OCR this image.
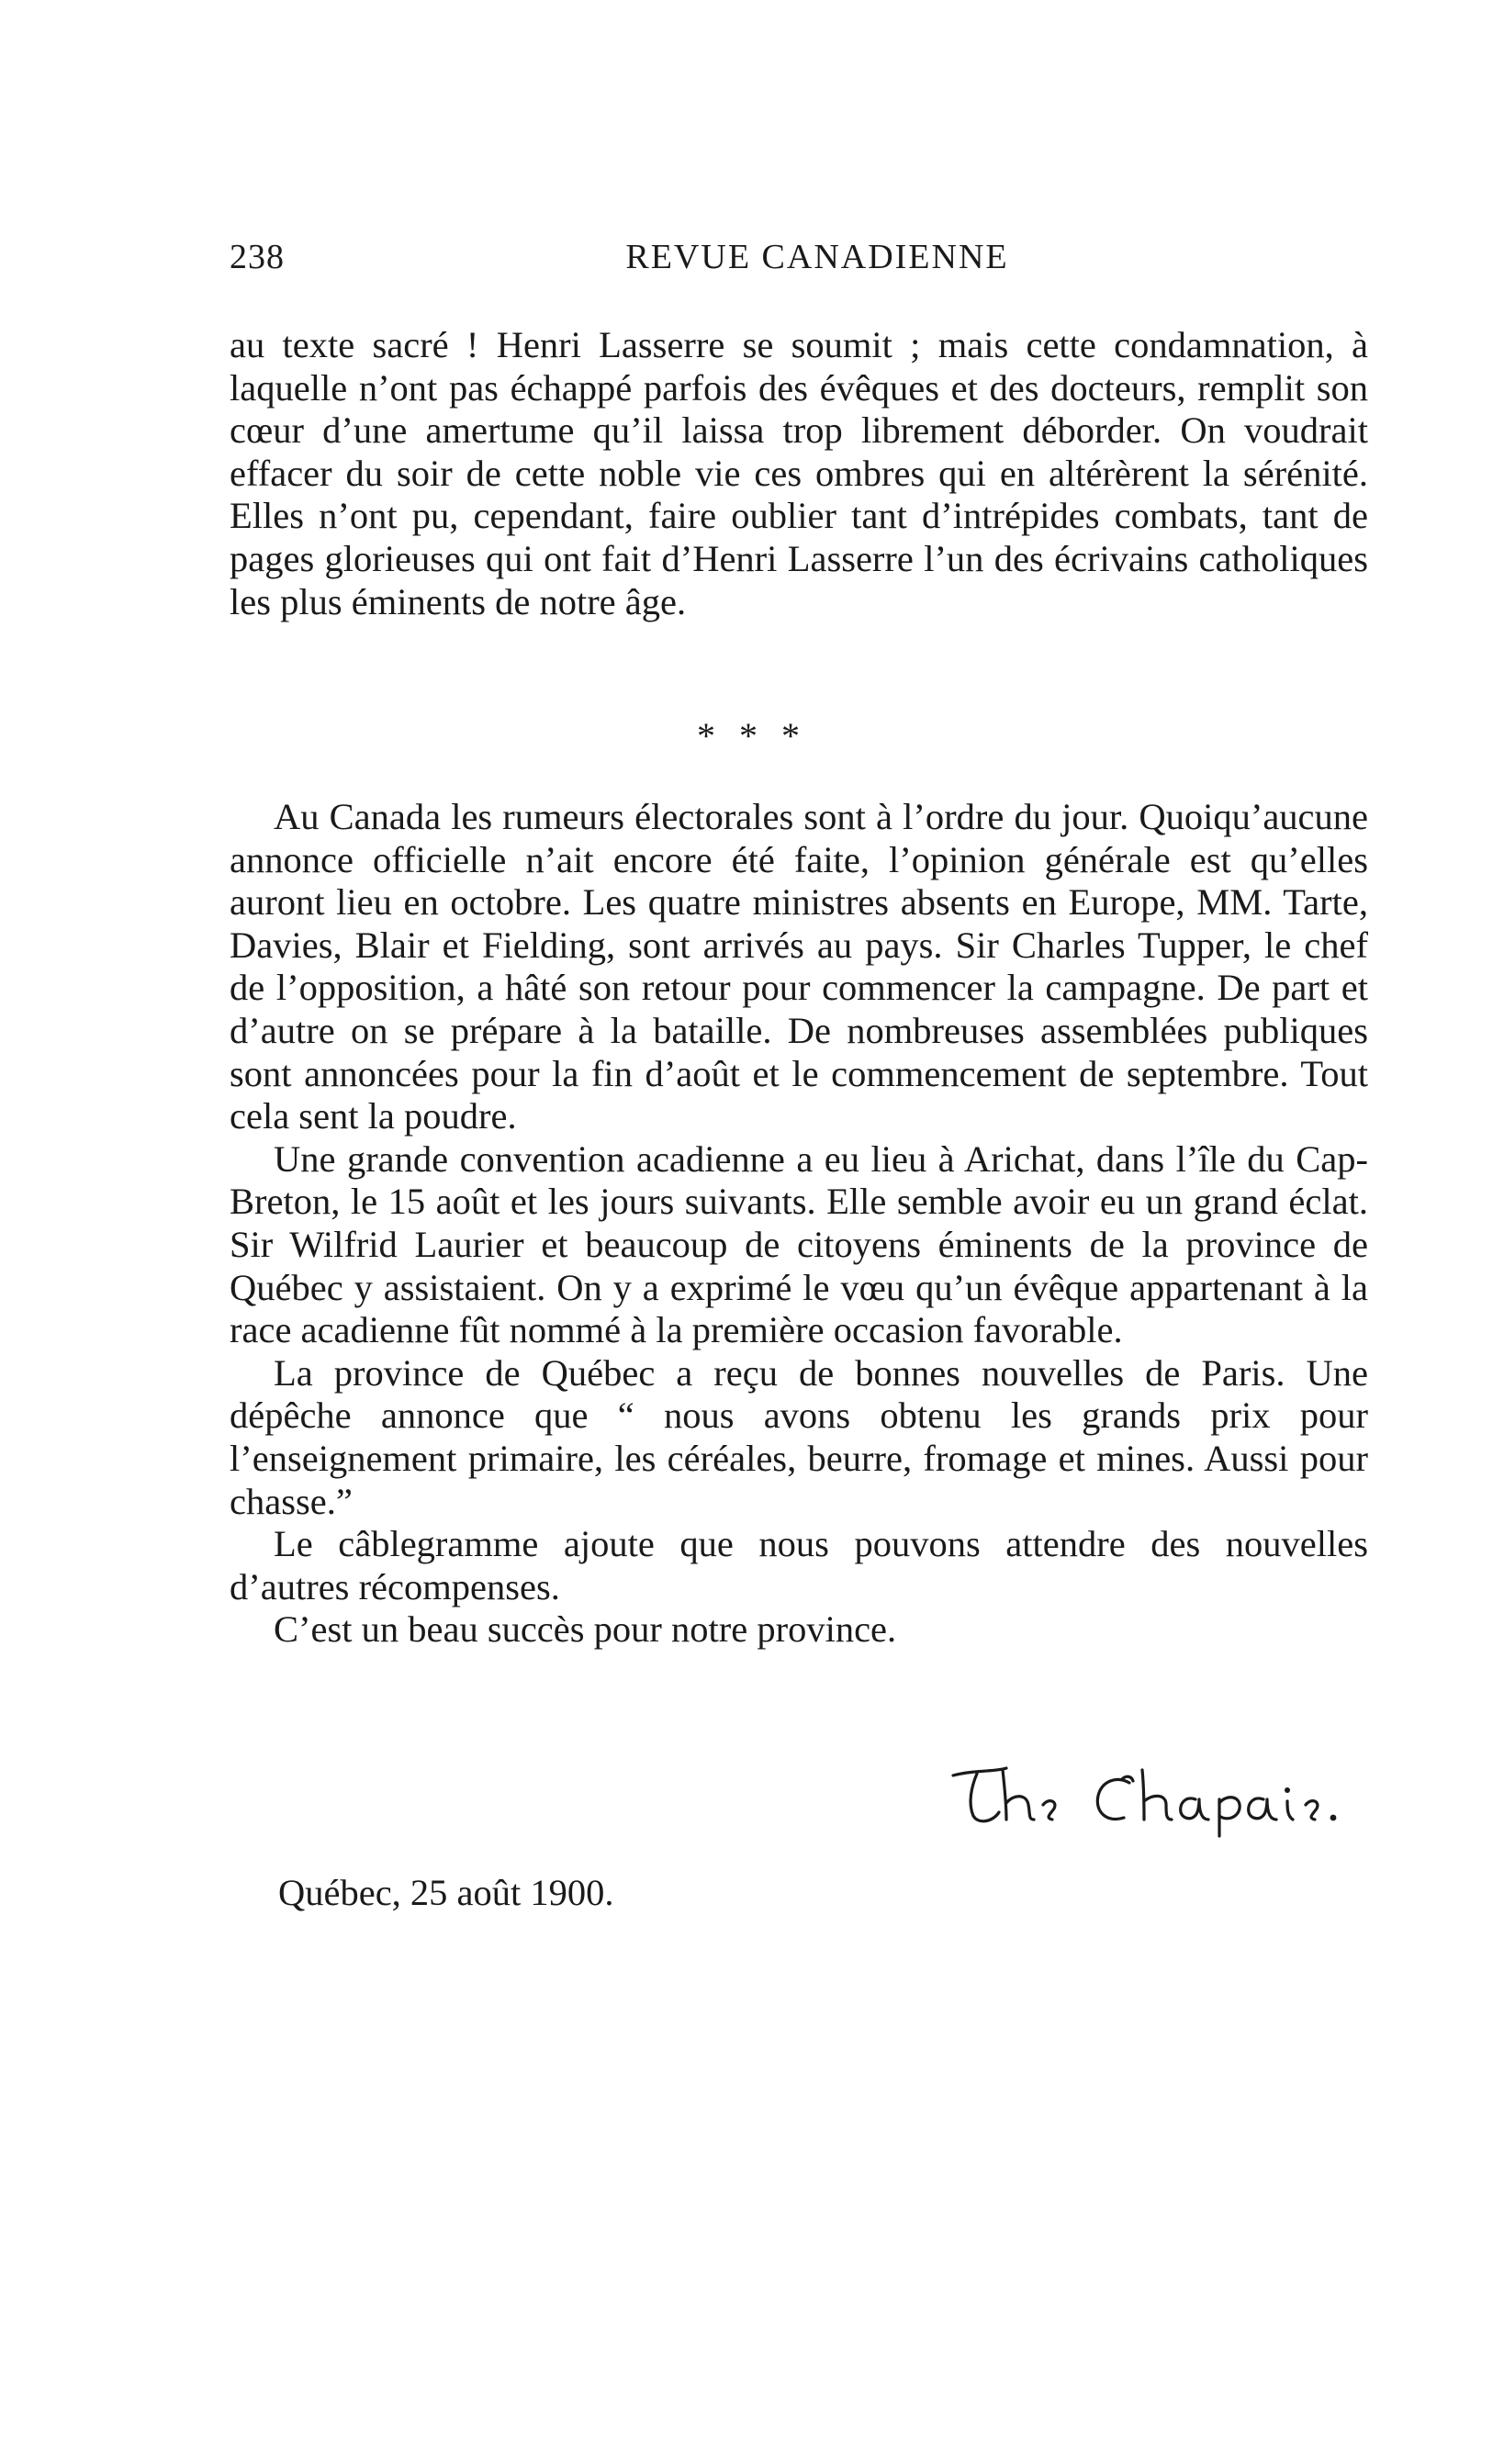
238	REVUE CANADIENNE

au texte sacré ! Henri Lasserre se soumit ; mais cette condamnation, à laquelle n’ont pas échappé parfois des évêques et des docteurs, remplit son cœur d’une amertume qu’il laissa trop librement déborder. On voudrait effacer du soir de cette noble vie ces ombres qui en altérèrent la sérénité. Elles n’ont pu, cependant, faire oublier tant d’intrépides combats, tant de pages glorieuses qui ont fait d’Henri Lasserre l’un des écrivains catholiques les plus éminents de notre âge.

* * *

Au Canada les rumeurs électorales sont à l’ordre du jour. Quoiqu’aucune annonce officielle n’ait encore été faite, l’opinion générale est qu’elles auront lieu en octobre. Les quatre ministres absents en Europe, MM. Tarte, Davies, Blair et Fielding, sont arrivés au pays. Sir Charles Tupper, le chef de l’opposition, a hâté son retour pour commencer la campagne. De part et d’autre on se prépare à la bataille. De nombreuses assemblées publiques sont annoncées pour la fin d’août et le commencement de septembre. Tout cela sent la poudre.

Une grande convention acadienne a eu lieu à Arichat, dans l’île du Cap-Breton, le 15 août et les jours suivants. Elle semble avoir eu un grand éclat. Sir Wilfrid Laurier et beaucoup de citoyens éminents de la province de Québec y assistaient. On y a exprimé le vœu qu’un évêque appartenant à la race acadienne fût nommé à la première occasion favorable.

La province de Québec a reçu de bonnes nouvelles de Paris. Une dépêche annonce que “ nous avons obtenu les grands prix pour l’enseignement primaire, les céréales, beurre, fromage et mines. Aussi pour chasse.”

Le câblegramme ajoute que nous pouvons attendre des nouvelles d’autres récompenses.

C’est un beau succès pour notre province.

Québec, 25 août 1900.
